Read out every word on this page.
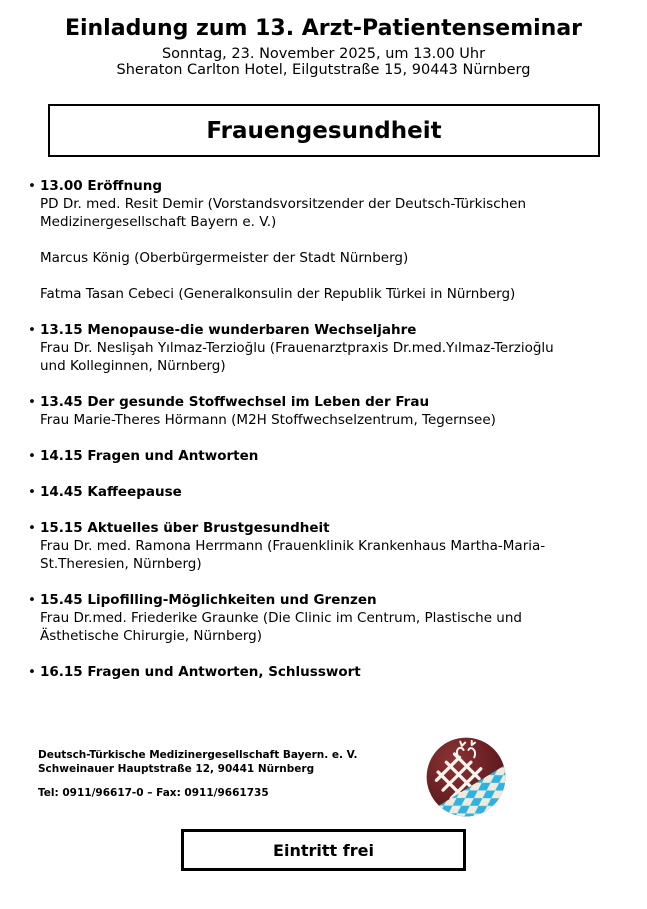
Einladung zum 13. Arzt-Patientenseminar
Sonntag, 23. November 2025, um 13.00 Uhr
Sheraton Carlton Hotel, Eilgutstraße 15, 90443 Nürnberg
Frauengesundheit
• 13.00 Eröffnung
PD Dr. med. Resit Demir (Vorstandsvorsitzender der Deutsch-Türkischen Medizinergesellschaft Bayern e. V.)
Marcus König (Oberbürgermeister der Stadt Nürnberg)
Fatma Tasan Cebeci (Generalkonsulin der Republik Türkei in Nürnberg)
• 13.15 Menopause-die wunderbaren Wechseljahre
Frau Dr. Neslişah Yılmaz-Terzioğlu (Frauenarztpraxis Dr.med.Yılmaz-Terzioğlu und Kolleginnen, Nürnberg)
• 13.45 Der gesunde Stoffwechsel im Leben der Frau
Frau Marie-Theres Hörmann (M2H Stoffwechselzentrum, Tegernsee)
• 14.15 Fragen und Antworten
• 14.45 Kaffeepause
• 15.15 Aktuelles über Brustgesundheit
Frau Dr. med. Ramona Herrmann (Frauenklinik Krankenhaus Martha-Maria-St.Theresien, Nürnberg)
• 15.45 Lipofilling-Möglichkeiten und Grenzen
Frau Dr.med. Friederike Graunke (Die Clinic im Centrum, Plastische und Ästhetische Chirurgie, Nürnberg)
• 16.15 Fragen und Antworten, Schlusswort
Deutsch-Türkische Medizinergesellschaft Bayern. e. V.
Schweinauer Hauptstraße 12, 90441 Nürnberg
Tel: 0911/96617-0 – Fax: 0911/9661735
Eintritt frei
